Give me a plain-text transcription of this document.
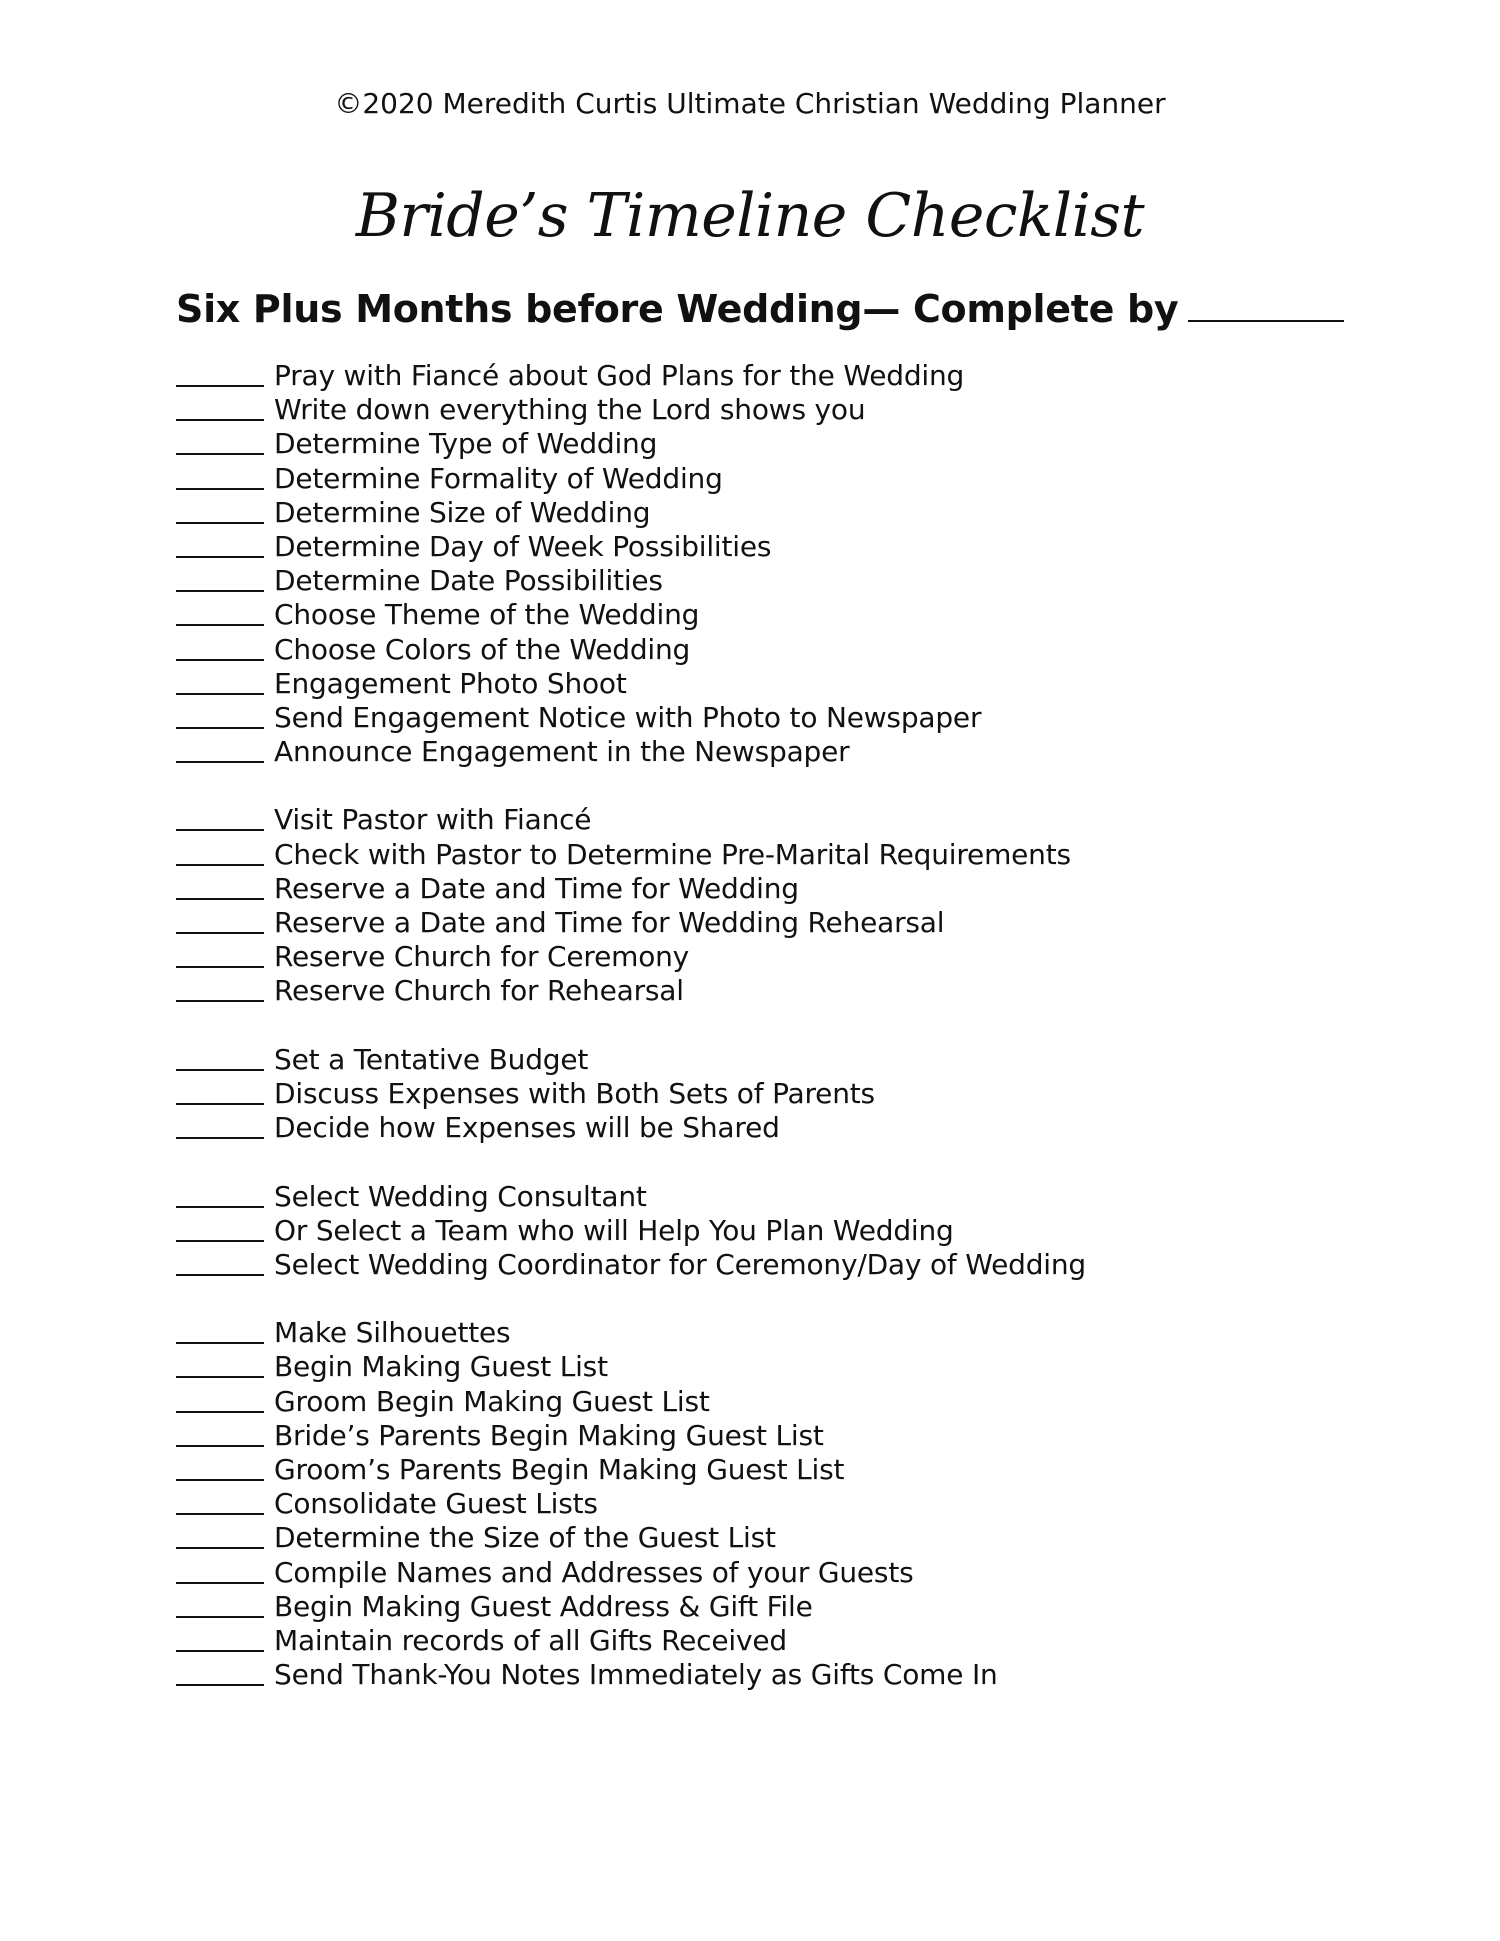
©2020 Meredith Curtis Ultimate Christian Wedding Planner
Bride’s Timeline Checklist
Six Plus Months before Wedding— Complete by
Pray with Fiancé about God Plans for the Wedding
Write down everything the Lord shows you
Determine Type of Wedding
Determine Formality of Wedding
Determine Size of Wedding
Determine Day of Week Possibilities
Determine Date Possibilities
Choose Theme of the Wedding
Choose Colors of the Wedding
Engagement Photo Shoot
Send Engagement Notice with Photo to Newspaper
Announce Engagement in the Newspaper
Visit Pastor with Fiancé
Check with Pastor to Determine Pre-Marital Requirements
Reserve a Date and Time for Wedding
Reserve a Date and Time for Wedding Rehearsal
Reserve Church for Ceremony
Reserve Church for Rehearsal
Set a Tentative Budget
Discuss Expenses with Both Sets of Parents
Decide how Expenses will be Shared
Select Wedding Consultant
Or Select a Team who will Help You Plan Wedding
Select Wedding Coordinator for Ceremony/Day of Wedding
Make Silhouettes
Begin Making Guest List
Groom Begin Making Guest List
Bride’s Parents Begin Making Guest List
Groom’s Parents Begin Making Guest List
Consolidate Guest Lists
Determine the Size of the Guest List
Compile Names and Addresses of your Guests
Begin Making Guest Address & Gift File
Maintain records of all Gifts Received
Send Thank-You Notes Immediately as Gifts Come In
